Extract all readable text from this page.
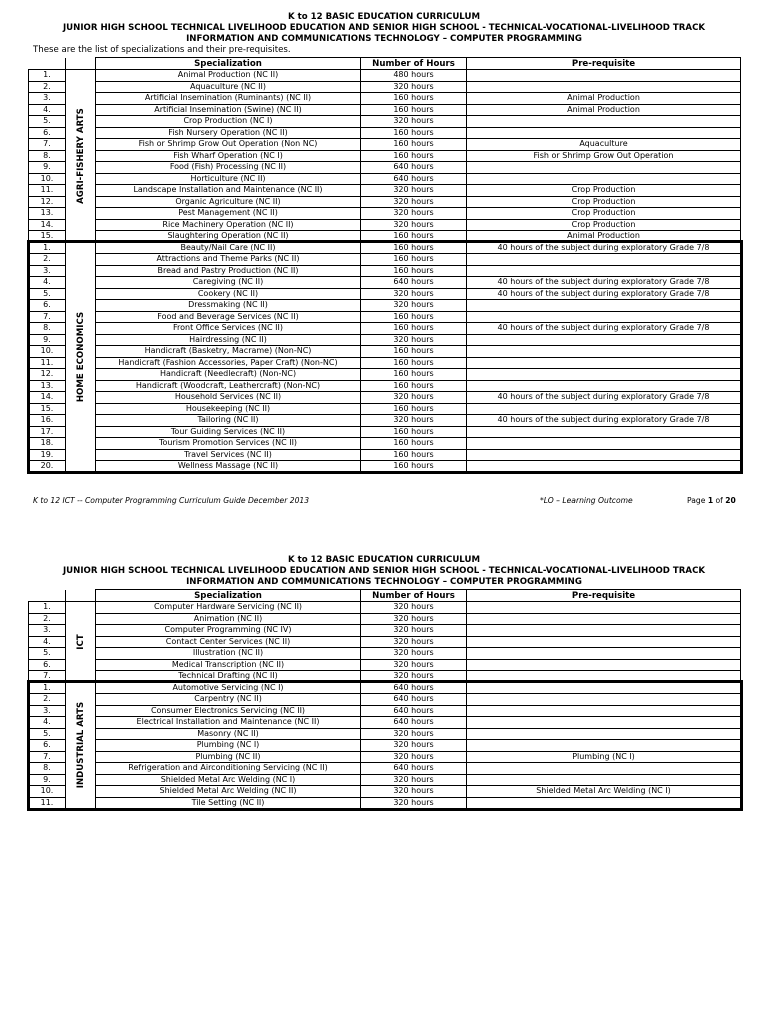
K to 12 BASIC EDUCATION CURRICULUM
JUNIOR HIGH SCHOOL TECHNICAL LIVELIHOOD EDUCATION AND SENIOR HIGH SCHOOL - TECHNICAL-VOCATIONAL-LIVELIHOOD TRACK
INFORMATION AND COMMUNICATIONS TECHNOLOGY – COMPUTER PROGRAMMING
These are the list of specializations and their pre-requisites.
		Specialization	Number of Hours	Pre-requisite
1.	AGRI-FISHERY ARTS	Animal Production (NC II)	480 hours	
2.		Aquaculture (NC II)	320 hours	
3.		Artificial Insemination (Ruminants) (NC II)	160 hours	Animal Production
4.		Artificial Insemination (Swine) (NC II)	160 hours	Animal Production
5.		Crop Production (NC I)	320 hours	
6.		Fish Nursery Operation (NC II)	160 hours	
7.		Fish or Shrimp Grow Out Operation (Non NC)	160 hours	Aquaculture
8.		Fish Wharf Operation (NC I)	160 hours	Fish or Shrimp Grow Out Operation
9.		Food (Fish) Processing (NC II)	640 hours	
10.		Horticulture (NC II)	640 hours	
11.		Landscape Installation and Maintenance (NC II)	320 hours	Crop Production
12.		Organic Agriculture (NC II)	320 hours	Crop Production
13.		Pest Management (NC II)	320 hours	Crop Production
14.		Rice Machinery Operation (NC II)	320 hours	Crop Production
15.		Slaughtering Operation (NC II)	160 hours	Animal Production
1.	HOME ECONOMICS	Beauty/Nail Care (NC II)	160 hours	40 hours of the subject during exploratory Grade 7/8
2.		Attractions and Theme Parks (NC II)	160 hours	
3.		Bread and Pastry Production (NC II)	160 hours	
4.		Caregiving (NC II)	640 hours	40 hours of the subject during exploratory Grade 7/8
5.		Cookery (NC II)	320 hours	40 hours of the subject during exploratory Grade 7/8
6.		Dressmaking (NC II)	320 hours	
7.		Food and Beverage Services (NC II)	160 hours	
8.		Front Office Services (NC II)	160 hours	40 hours of the subject during exploratory Grade 7/8
9.		Hairdressing (NC II)	320 hours	
10.		Handicraft (Basketry, Macrame) (Non-NC)	160 hours	
11.		Handicraft (Fashion Accessories, Paper Craft) (Non-NC)	160 hours	
12.		Handicraft (Needlecraft) (Non-NC)	160 hours	
13.		Handicraft (Woodcraft, Leathercraft) (Non-NC)	160 hours	
14.		Household Services (NC II)	320 hours	40 hours of the subject during exploratory Grade 7/8
15.		Housekeeping (NC II)	160 hours	
16.		Tailoring (NC II)	320 hours	40 hours of the subject during exploratory Grade 7/8
17.		Tour Guiding Services (NC II)	160 hours	
18.		Tourism Promotion Services (NC II)	160 hours	
19.		Travel Services (NC II)	160 hours	
20.		Wellness Massage (NC II)	160 hours	
K to 12 ICT -- Computer Programming Curriculum Guide December 2013	*LO – Learning Outcome	Page 1 of 20
K to 12 BASIC EDUCATION CURRICULUM
JUNIOR HIGH SCHOOL TECHNICAL LIVELIHOOD EDUCATION AND SENIOR HIGH SCHOOL - TECHNICAL-VOCATIONAL-LIVELIHOOD TRACK
INFORMATION AND COMMUNICATIONS TECHNOLOGY – COMPUTER PROGRAMMING
		Specialization	Number of Hours	Pre-requisite
1.	ICT	Computer Hardware Servicing (NC II)	320 hours	
2.		Animation (NC II)	320 hours	
3.		Computer Programming (NC IV)	320 hours	
4.		Contact Center Services (NC II)	320 hours	
5.		Illustration (NC II)	320 hours	
6.		Medical Transcription (NC II)	320 hours	
7.		Technical Drafting (NC II)	320 hours	
1.	INDUSTRIAL ARTS	Automotive Servicing (NC I)	640 hours	
2.		Carpentry (NC II)	640 hours	
3.		Consumer Electronics Servicing (NC II)	640 hours	
4.		Electrical Installation and Maintenance (NC II)	640 hours	
5.		Masonry (NC II)	320 hours	
6.		Plumbing (NC I)	320 hours	
7.		Plumbing (NC II)	320 hours	Plumbing (NC I)
8.		Refrigeration and Airconditioning Servicing (NC II)	640 hours	
9.		Shielded Metal Arc Welding (NC I)	320 hours	
10.		Shielded Metal Arc Welding (NC II)	320 hours	Shielded Metal Arc Welding (NC I)
11.		Tile Setting (NC II)	320 hours	
